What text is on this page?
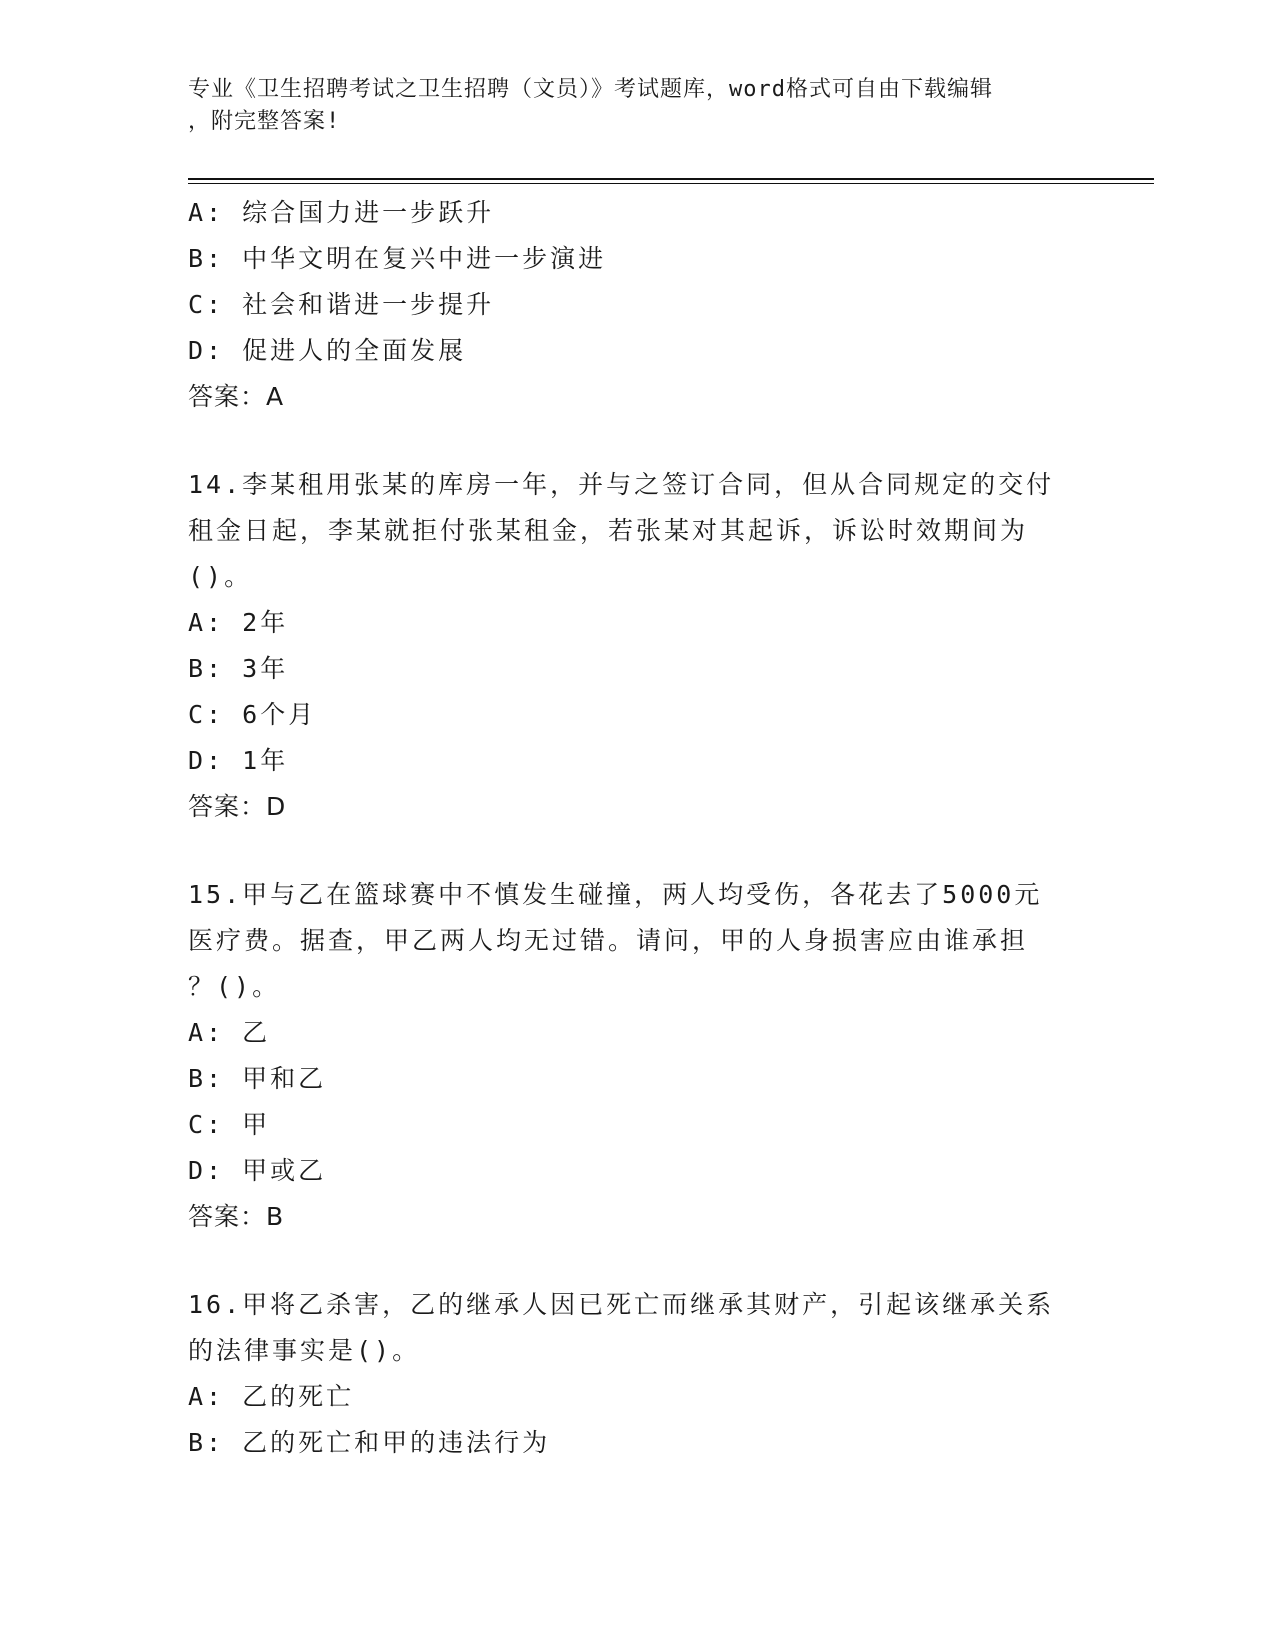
专业《卫生招聘考试之卫生招聘（文员）》考试题库，word格式可自由下载编辑
，附完整答案!
A: 综合国力进一步跃升
B: 中华文明在复兴中进一步演进
C: 社会和谐进一步提升
D: 促进人的全面发展
答案：A
14.李某租用张某的库房一年，并与之签订合同，但从合同规定的交付
租金日起，李某就拒付张某租金，若张某对其起诉，诉讼时效期间为
()。
A: 2年
B: 3年
C: 6个月
D: 1年
答案：D
15.甲与乙在篮球赛中不慎发生碰撞，两人均受伤，各花去了5000元
医疗费。据查，甲乙两人均无过错。请问，甲的人身损害应由谁承担
？()。
A: 乙
B: 甲和乙
C: 甲
D: 甲或乙
答案：B
16.甲将乙杀害，乙的继承人因已死亡而继承其财产，引起该继承关系
的法律事实是()。
A: 乙的死亡
B: 乙的死亡和甲的违法行为
